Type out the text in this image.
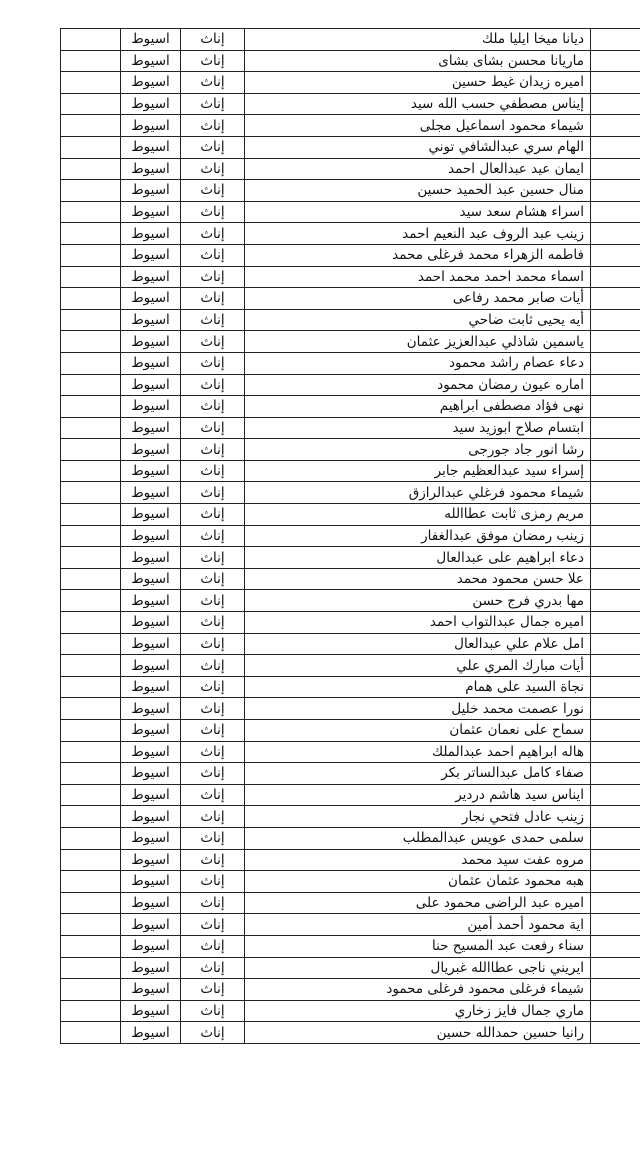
	ديانا ميخا ايليا ملك	إناث	اسيوط	
	ماريانا محسن بشاى بشاى	إناث	اسيوط	
	اميره زيدان غيط حسين	إناث	اسيوط	
	إيناس مصطفي حسب الله سيد	إناث	اسيوط	
	شيماء محمود اسماعيل مجلى	إناث	اسيوط	
	الهام سري عبدالشافي توني	إناث	اسيوط	
	ايمان عيد عبدالعال احمد	إناث	اسيوط	
	منال حسين عبد الحميد حسين	إناث	اسيوط	
	اسراء هشام سعد سيد	إناث	اسيوط	
	زينب عبد الروف عبد النعيم احمد	إناث	اسيوط	
	فاطمه الزهراء محمد فرغلى محمد	إناث	اسيوط	
	اسماء محمد احمد محمد احمد	إناث	اسيوط	
	أيات صابر محمد رفاعى	إناث	اسيوط	
	أيه يحيى ثابت ضاحي	إناث	اسيوط	
	ياسمين شاذلي عبدالعزيز عثمان	إناث	اسيوط	
	دعاء عصام راشد محمود	إناث	اسيوط	
	اماره عيون رمضان محمود	إناث	اسيوط	
	نهى فؤاد مصطفى ابراهيم	إناث	اسيوط	
	ابتسام صلاح ابوزيد سيد	إناث	اسيوط	
	رشا انور جاد جورجى	إناث	اسيوط	
	إسراء سيد عبدالعظيم جابر	إناث	اسيوط	
	شيماء محمود فرغلي عبدالرازق	إناث	اسيوط	
	مريم رمزى ثابت عطاالله	إناث	اسيوط	
	زينب رمضان موفق عبدالغفار	إناث	اسيوط	
	دعاء ابراهيم على عبدالعال	إناث	اسيوط	
	علا حسن محمود محمد	إناث	اسيوط	
	مها بدري فرج حسن	إناث	اسيوط	
	اميره جمال عبدالتواب احمد	إناث	اسيوط	
	امل علام علي عبدالعال	إناث	اسيوط	
	أيات مبارك المري علي	إناث	اسيوط	
	نجاة السيد على همام	إناث	اسيوط	
	نورا عصمت محمد خليل	إناث	اسيوط	
	سماح على نعمان عثمان	إناث	اسيوط	
	هاله ابراهيم احمد عبدالملك	إناث	اسيوط	
	صفاء كامل عبدالساتر بكر	إناث	اسيوط	
	ايناس سيد هاشم دردير	إناث	اسيوط	
	زينب عادل فتحي نجار	إناث	اسيوط	
	سلمى حمدى عويس عبدالمطلب	إناث	اسيوط	
	مروه عفت سيد محمد	إناث	اسيوط	
	هبه محمود عثمان عثمان	إناث	اسيوط	
	اميره عبد الراضى محمود على	إناث	اسيوط	
	اية محمود أحمد أمين	إناث	اسيوط	
	سناء رفعت عبد المسيح حنا	إناث	اسيوط	
	ايريني ناجى عطاالله غبريال	إناث	اسيوط	
	شيماء فرغلى محمود فرغلى محمود	إناث	اسيوط	
	ماري جمال فايز زخاري	إناث	اسيوط	
	رانيا حسين حمدالله حسين	إناث	اسيوط	
